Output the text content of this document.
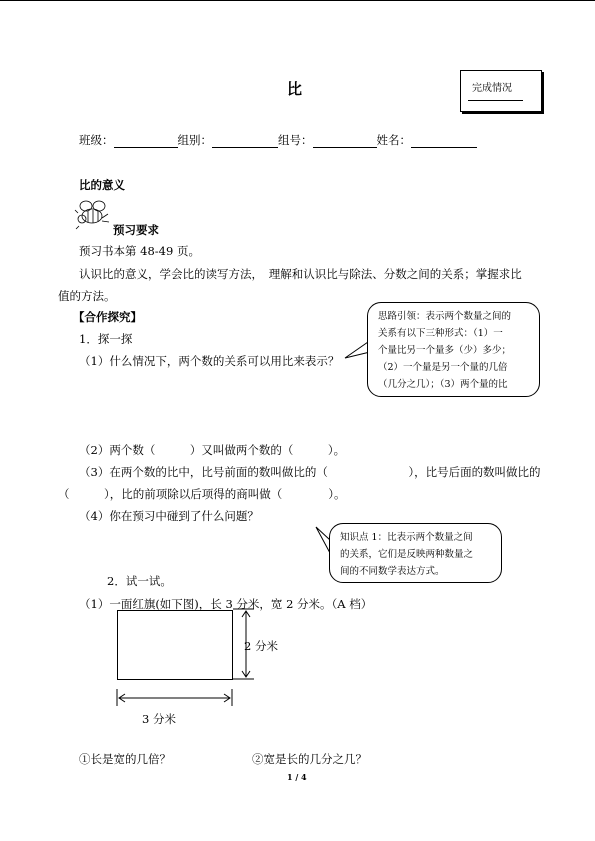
比	完成情况
班级：	组别：	组号：	姓名：
比的意义
预习要求
预习书本第 48-49 页。
认识比的意义，学会比的读写方法，　理解和认识比与除法、分数之间的关系；掌握求比
值的方法。
【合作探究】
1．探一探
（1）什么情况下，两个数的关系可以用比来表示？
思路引领：表示两个数量之间的
关系有以下三种形式：（1）一
个量比另一个量多（少）多少；
（2）一个量是另一个量的几倍
（几分之几）；（3）两个量的比
（2）两个数（　　　）又叫做两个数的（　　　）。
（3）在两个数的比中，比号前面的数叫做比的（　　　　　　　），比号后面的数叫做比的
（　　　），比的前项除以后项得的商叫做（　　　　）。
（4）你在预习中碰到了什么问题？
知识点 1：比表示两个数量之间
的关系，它们是反映两种数量之
间的不同数学表达方式。
2．试一试。
（1）一面红旗(如下图)，长 3 分米，宽 2 分米。（A 档）
2 分米
3 分米
①长是宽的几倍？	②宽是长的几分之几？
1 / 4
